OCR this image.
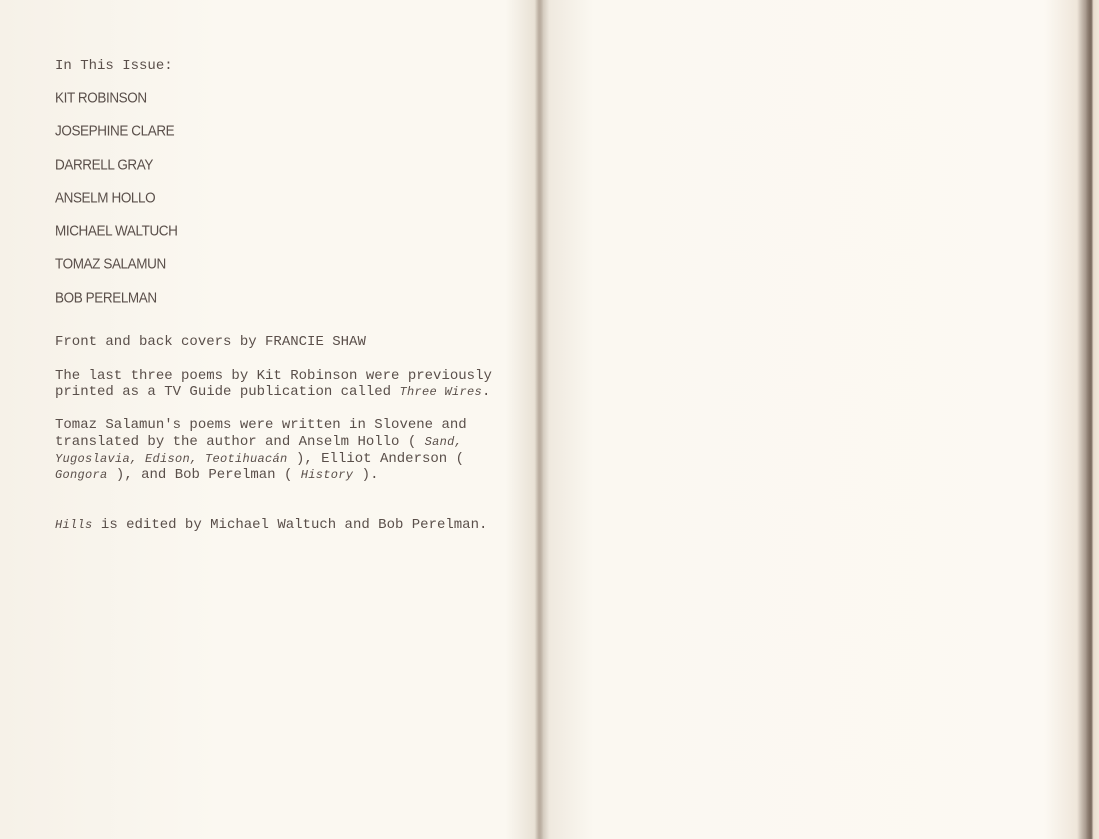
In This Issue:

KIT ROBINSON
JOSEPHINE CLARE
DARRELL GRAY
ANSELM HOLLO
MICHAEL WALTUCH
TOMAZ SALAMUN
BOB PERELMAN

Front and back covers by FRANCIE SHAW

The last three poems by Kit Robinson were previously printed as a TV Guide publication called Three Wires.

Tomaz Salamun's poems were written in Slovene and translated by the author and Anselm Hollo ( Sand, Yugoslavia, Edison, Teotihuacán ), Elliot Anderson ( Gongora ), and Bob Perelman ( History ).

Hills is edited by Michael Waltuch and Bob Perelman.
